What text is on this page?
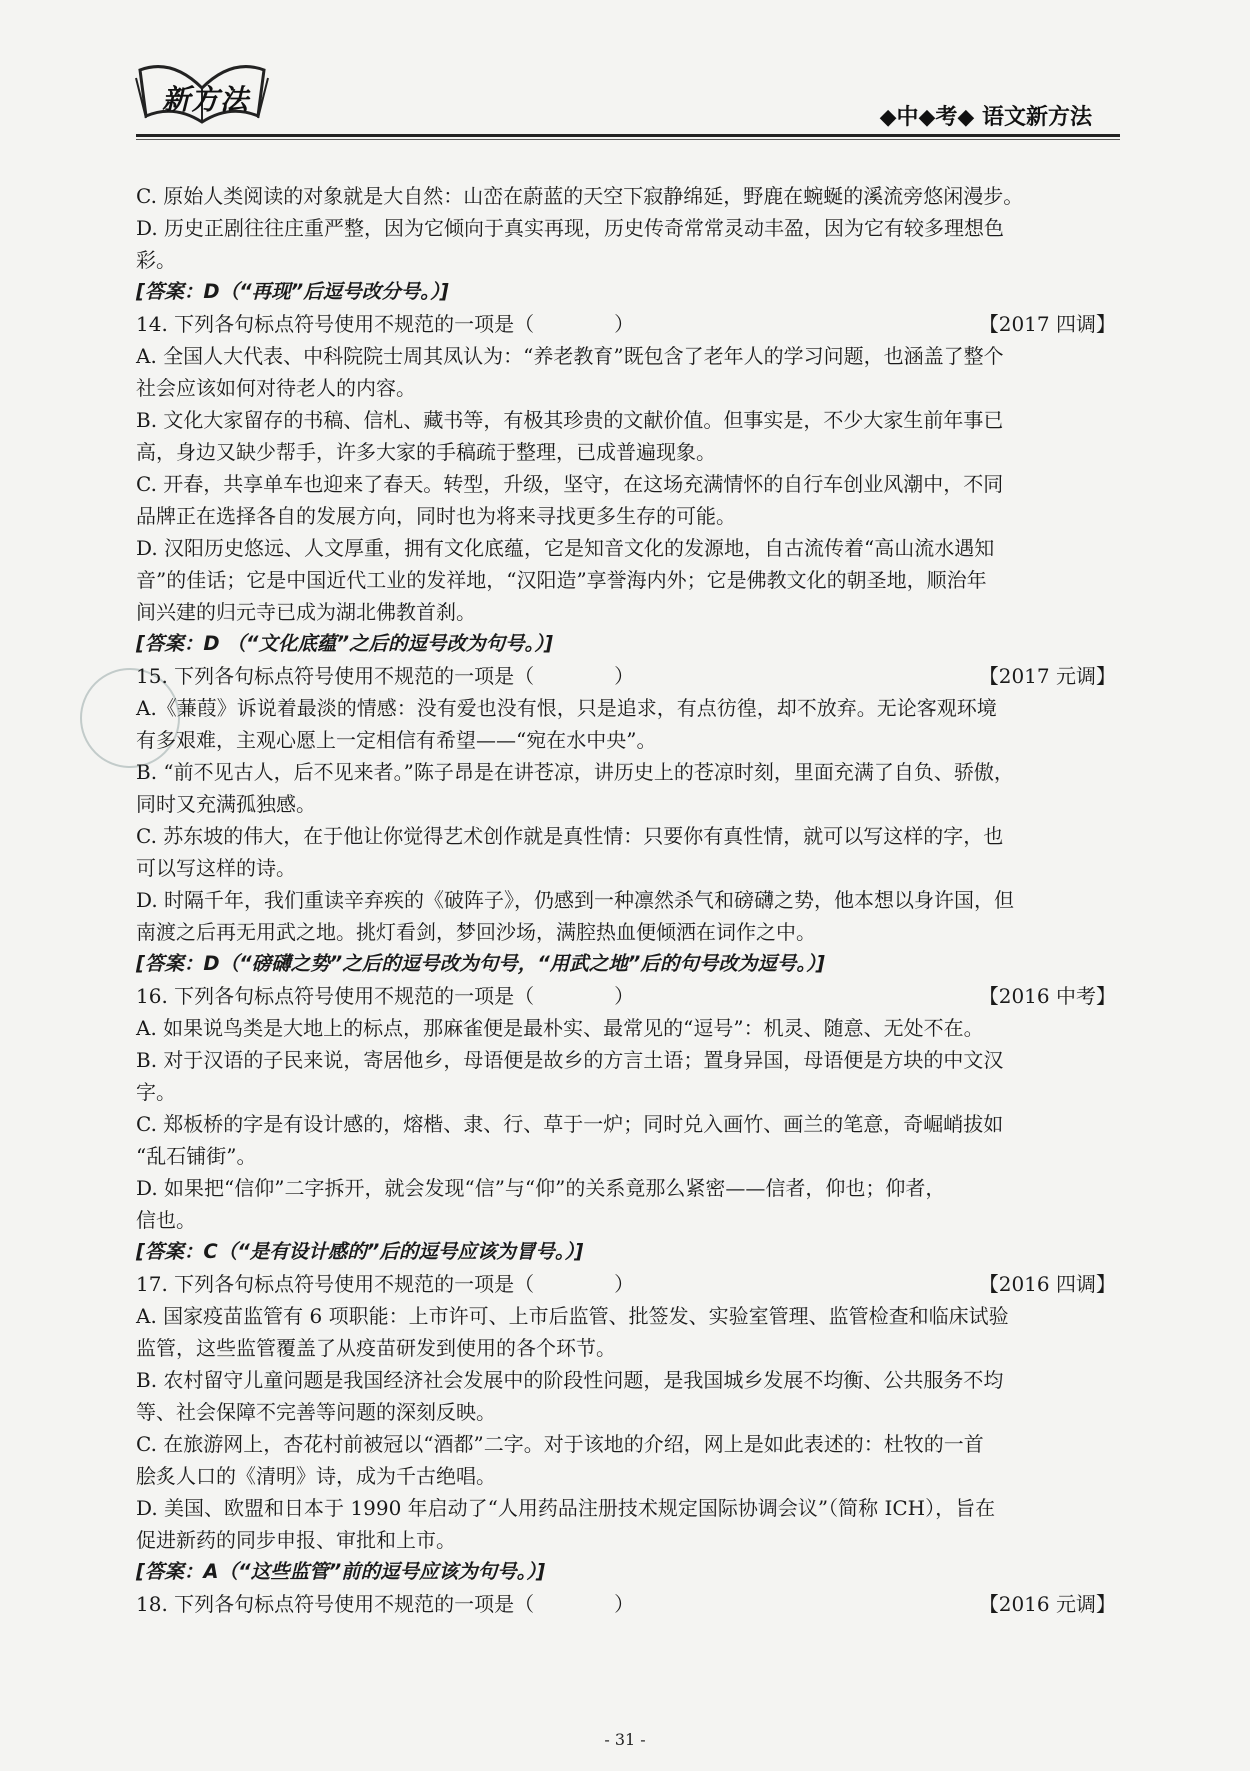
新方法
◆中◆考◆ 语文新方法
C. 原始人类阅读的对象就是大自然：山峦在蔚蓝的天空下寂静绵延，野鹿在蜿蜒的溪流旁悠闲漫步。
D. 历史正剧往往庄重严整，因为它倾向于真实再现，历史传奇常常灵动丰盈，因为它有较多理想色
彩。
[答案：D（“再现”后逗号改分号。）]
14. 下列各句标点符号使用不规范的一项是（　　　　）	【2017 四调】
A. 全国人大代表、中科院院士周其凤认为：“养老教育”既包含了老年人的学习问题，也涵盖了整个
社会应该如何对待老人的内容。
B. 文化大家留存的书稿、信札、藏书等，有极其珍贵的文献价值。但事实是，不少大家生前年事已
高，身边又缺少帮手，许多大家的手稿疏于整理，已成普遍现象。
C. 开春，共享单车也迎来了春天。转型，升级，坚守，在这场充满情怀的自行车创业风潮中，不同
品牌正在选择各自的发展方向，同时也为将来寻找更多生存的可能。
D. 汉阳历史悠远、人文厚重，拥有文化底蕴，它是知音文化的发源地，自古流传着“高山流水遇知
音”的佳话；它是中国近代工业的发祥地，“汉阳造”享誉海内外；它是佛教文化的朝圣地，顺治年
间兴建的归元寺已成为湖北佛教首刹。
[答案：D （“文化底蕴”之后的逗号改为句号。）]
15. 下列各句标点符号使用不规范的一项是（　　　　）	【2017 元调】
A.《蒹葭》诉说着最淡的情感：没有爱也没有恨，只是追求，有点彷徨，却不放弃。无论客观环境
有多艰难，主观心愿上一定相信有希望——“宛在水中央”。
B. “前不见古人，后不见来者。”陈子昂是在讲苍凉，讲历史上的苍凉时刻，里面充满了自负、骄傲，
同时又充满孤独感。
C. 苏东坡的伟大，在于他让你觉得艺术创作就是真性情：只要你有真性情，就可以写这样的字，也
可以写这样的诗。
D. 时隔千年，我们重读辛弃疾的《破阵子》，仍感到一种凛然杀气和磅礴之势，他本想以身许国，但
南渡之后再无用武之地。挑灯看剑，梦回沙场，满腔热血便倾洒在词作之中。
[答案：D（“磅礴之势”之后的逗号改为句号，“用武之地”后的句号改为逗号。）]
16. 下列各句标点符号使用不规范的一项是（　　　　）	【2016 中考】
A. 如果说鸟类是大地上的标点，那麻雀便是最朴实、最常见的“逗号”：机灵、随意、无处不在。
B. 对于汉语的子民来说，寄居他乡，母语便是故乡的方言土语；置身异国，母语便是方块的中文汉
字。
C. 郑板桥的字是有设计感的，熔楷、隶、行、草于一炉；同时兑入画竹、画兰的笔意，奇崛峭拔如
“乱石铺街”。
D. 如果把“信仰”二字拆开，就会发现“信”与“仰”的关系竟那么紧密——信者，仰也；仰者，
信也。
[答案：C（“是有设计感的”后的逗号应该为冒号。）]
17. 下列各句标点符号使用不规范的一项是（　　　　）	【2016 四调】
A. 国家疫苗监管有 6 项职能：上市许可、上市后监管、批签发、实验室管理、监管检查和临床试验
监管，这些监管覆盖了从疫苗研发到使用的各个环节。
B. 农村留守儿童问题是我国经济社会发展中的阶段性问题，是我国城乡发展不均衡、公共服务不均
等、社会保障不完善等问题的深刻反映。
C. 在旅游网上，杏花村前被冠以“酒都”二字。对于该地的介绍，网上是如此表述的：杜牧的一首
脍炙人口的《清明》诗，成为千古绝唱。
D. 美国、欧盟和日本于 1990 年启动了“人用药品注册技术规定国际协调会议”（简称 ICH），旨在
促进新药的同步申报、审批和上市。
[答案：A（“这些监管”前的逗号应该为句号。）]
18. 下列各句标点符号使用不规范的一项是（　　　　）	【2016 元调】
- 31 -
